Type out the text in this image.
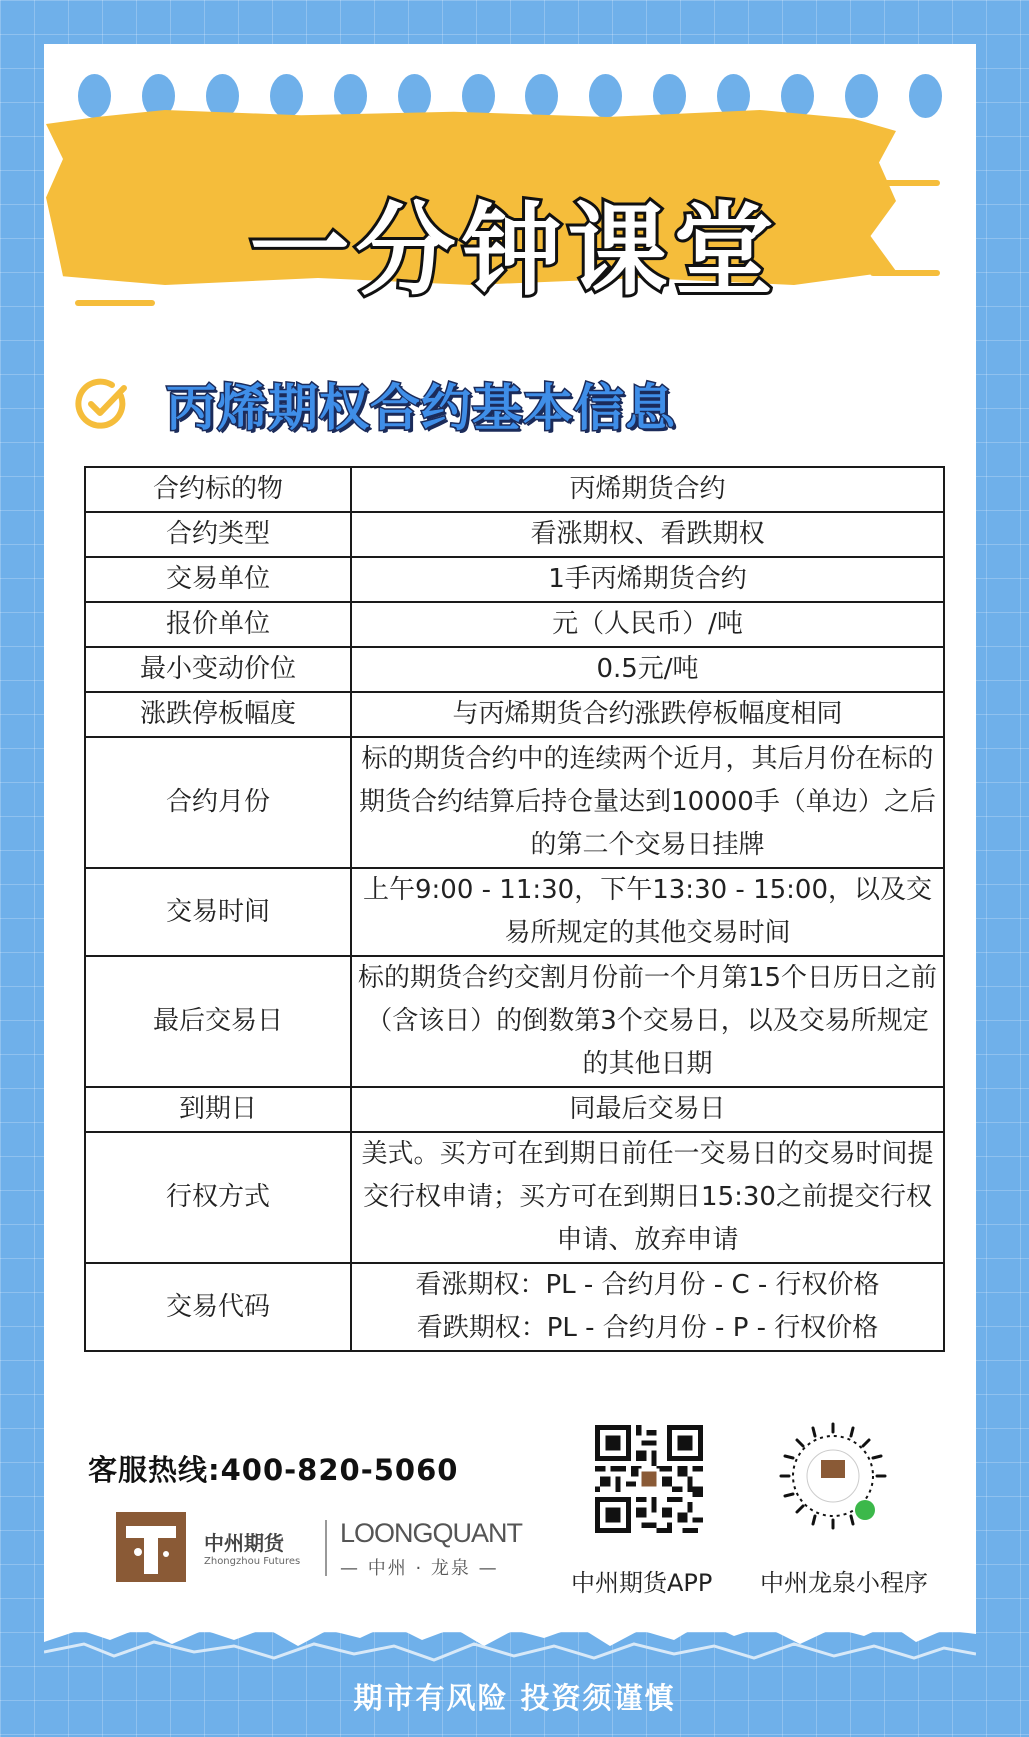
一分钟课堂
丙烯期权合约基本信息
合约标的物	丙烯期货合约
合约类型	看涨期权、看跌期权
交易单位	1手丙烯期货合约
报价单位	元（人民币）/吨
最小变动价位	0.5元/吨
涨跌停板幅度	与丙烯期货合约涨跌停板幅度相同
合约月份	标的期货合约中的连续两个近月，其后月份在标的期货合约结算后持仓量达到10000手（单边）之后的第二个交易日挂牌
交易时间	上午9:00 - 11:30，下午13:30 - 15:00，以及交易所规定的其他交易时间
最后交易日	标的期货合约交割月份前一个月第15个日历日之前（含该日）的倒数第3个交易日，以及交易所规定的其他日期
到期日	同最后交易日
行权方式	美式。买方可在到期日前任一交易日的交易时间提交行权申请；买方可在到期日15:30之前提交行权申请、放弃申请
交易代码	看涨期权：PL - 合约月份 - C - 行权价格
看跌期权：PL - 合约月份 - P - 行权价格
客服热线:400-820-5060
中州期货
Zhongzhou Futures
LOONGQUANT
— 中州 · 龙泉 —
中州期货APP 中州龙泉小程序
期市有风险 投资须谨慎
